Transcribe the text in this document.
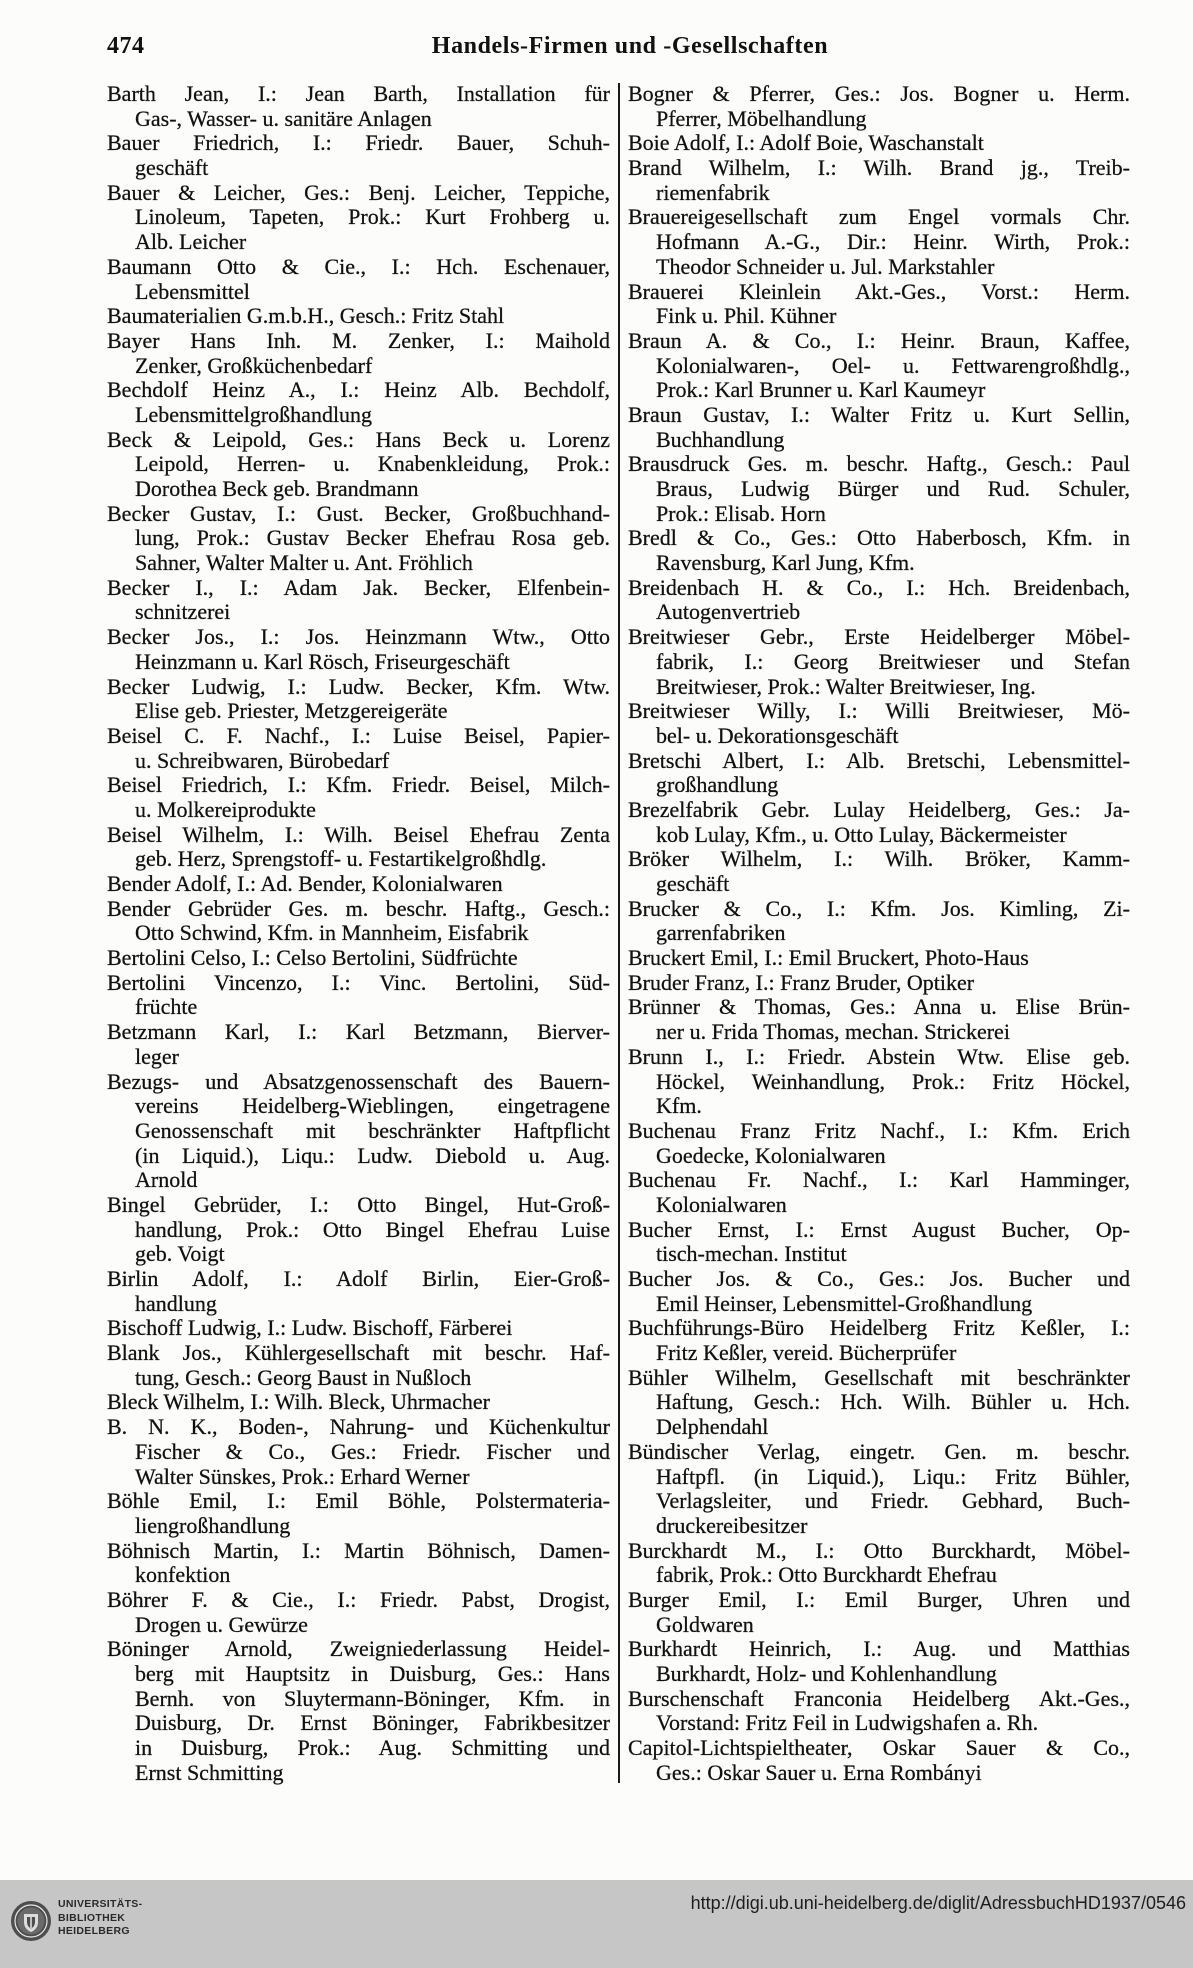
474	Handels-Firmen und -Gesellschaften
Barth Jean, I.: Jean Barth, Installation für
Gas-, Wasser- u. sanitäre Anlagen
Bauer Friedrich, I.: Friedr. Bauer, Schuh-
geschäft
Bauer & Leicher, Ges.: Benj. Leicher, Teppiche,
Linoleum, Tapeten, Prok.: Kurt Frohberg u.
Alb. Leicher
Baumann Otto & Cie., I.: Hch. Eschenauer,
Lebensmittel
Baumaterialien G.m.b.H., Gesch.: Fritz Stahl
Bayer Hans Inh. M. Zenker, I.: Maihold
Zenker, Großküchenbedarf
Bechdolf Heinz A., I.: Heinz Alb. Bechdolf,
Lebensmittelgroßhandlung
Beck & Leipold, Ges.: Hans Beck u. Lorenz
Leipold, Herren- u. Knabenkleidung, Prok.:
Dorothea Beck geb. Brandmann
Becker Gustav, I.: Gust. Becker, Großbuchhand-
lung, Prok.: Gustav Becker Ehefrau Rosa geb.
Sahner, Walter Malter u. Ant. Fröhlich
Becker I., I.: Adam Jak. Becker, Elfenbein-
schnitzerei
Becker Jos., I.: Jos. Heinzmann Wtw., Otto
Heinzmann u. Karl Rösch, Friseurgeschäft
Becker Ludwig, I.: Ludw. Becker, Kfm. Wtw.
Elise geb. Priester, Metzgereigeräte
Beisel C. F. Nachf., I.: Luise Beisel, Papier-
u. Schreibwaren, Bürobedarf
Beisel Friedrich, I.: Kfm. Friedr. Beisel, Milch-
u. Molkereiprodukte
Beisel Wilhelm, I.: Wilh. Beisel Ehefrau Zenta
geb. Herz, Sprengstoff- u. Festartikelgroßhdlg.
Bender Adolf, I.: Ad. Bender, Kolonialwaren
Bender Gebrüder Ges. m. beschr. Haftg., Gesch.:
Otto Schwind, Kfm. in Mannheim, Eisfabrik
Bertolini Celso, I.: Celso Bertolini, Südfrüchte
Bertolini Vincenzo, I.: Vinc. Bertolini, Süd-
früchte
Betzmann Karl, I.: Karl Betzmann, Bierver-
leger
Bezugs- und Absatzgenossenschaft des Bauern-
vereins Heidelberg-Wieblingen, eingetragene
Genossenschaft mit beschränkter Haftpflicht
(in Liquid.), Liqu.: Ludw. Diebold u. Aug.
Arnold
Bingel Gebrüder, I.: Otto Bingel, Hut-Groß-
handlung, Prok.: Otto Bingel Ehefrau Luise
geb. Voigt
Birlin Adolf, I.: Adolf Birlin, Eier-Groß-
handlung
Bischoff Ludwig, I.: Ludw. Bischoff, Färberei
Blank Jos., Kühlergesellschaft mit beschr. Haf-
tung, Gesch.: Georg Baust in Nußloch
Bleck Wilhelm, I.: Wilh. Bleck, Uhrmacher
B. N. K., Boden-, Nahrung- und Küchenkultur
Fischer & Co., Ges.: Friedr. Fischer und
Walter Sünskes, Prok.: Erhard Werner
Böhle Emil, I.: Emil Böhle, Polstermateria-
liengroßhandlung
Böhnisch Martin, I.: Martin Böhnisch, Damen-
konfektion
Böhrer F. & Cie., I.: Friedr. Pabst, Drogist,
Drogen u. Gewürze
Böninger Arnold, Zweigniederlassung Heidel-
berg mit Hauptsitz in Duisburg, Ges.: Hans
Bernh. von Sluytermann-Böninger, Kfm. in
Duisburg, Dr. Ernst Böninger, Fabrikbesitzer
in Duisburg, Prok.: Aug. Schmitting und
Ernst Schmitting
Bogner & Pferrer, Ges.: Jos. Bogner u. Herm.
Pferrer, Möbelhandlung
Boie Adolf, I.: Adolf Boie, Waschanstalt
Brand Wilhelm, I.: Wilh. Brand jg., Treib-
riemenfabrik
Brauereigesellschaft zum Engel vormals Chr.
Hofmann A.-G., Dir.: Heinr. Wirth, Prok.:
Theodor Schneider u. Jul. Markstahler
Brauerei Kleinlein Akt.-Ges., Vorst.: Herm.
Fink u. Phil. Kühner
Braun A. & Co., I.: Heinr. Braun, Kaffee,
Kolonialwaren-, Oel- u. Fettwarengroßhdlg.,
Prok.: Karl Brunner u. Karl Kaumeyr
Braun Gustav, I.: Walter Fritz u. Kurt Sellin,
Buchhandlung
Brausdruck Ges. m. beschr. Haftg., Gesch.: Paul
Braus, Ludwig Bürger und Rud. Schuler,
Prok.: Elisab. Horn
Bredl & Co., Ges.: Otto Haberbosch, Kfm. in
Ravensburg, Karl Jung, Kfm.
Breidenbach H. & Co., I.: Hch. Breidenbach,
Autogenvertrieb
Breitwieser Gebr., Erste Heidelberger Möbel-
fabrik, I.: Georg Breitwieser und Stefan
Breitwieser, Prok.: Walter Breitwieser, Ing.
Breitwieser Willy, I.: Willi Breitwieser, Mö-
bel- u. Dekorationsgeschäft
Bretschi Albert, I.: Alb. Bretschi, Lebensmittel-
großhandlung
Brezelfabrik Gebr. Lulay Heidelberg, Ges.: Ja-
kob Lulay, Kfm., u. Otto Lulay, Bäckermeister
Bröker Wilhelm, I.: Wilh. Bröker, Kamm-
geschäft
Brucker & Co., I.: Kfm. Jos. Kimling, Zi-
garrenfabriken
Bruckert Emil, I.: Emil Bruckert, Photo-Haus
Bruder Franz, I.: Franz Bruder, Optiker
Brünner & Thomas, Ges.: Anna u. Elise Brün-
ner u. Frida Thomas, mechan. Strickerei
Brunn I., I.: Friedr. Abstein Wtw. Elise geb.
Höckel, Weinhandlung, Prok.: Fritz Höckel,
Kfm.
Buchenau Franz Fritz Nachf., I.: Kfm. Erich
Goedecke, Kolonialwaren
Buchenau Fr. Nachf., I.: Karl Hamminger,
Kolonialwaren
Bucher Ernst, I.: Ernst August Bucher, Op-
tisch-mechan. Institut
Bucher Jos. & Co., Ges.: Jos. Bucher und
Emil Heinser, Lebensmittel-Großhandlung
Buchführungs-Büro Heidelberg Fritz Keßler, I.:
Fritz Keßler, vereid. Bücherprüfer
Bühler Wilhelm, Gesellschaft mit beschränkter
Haftung, Gesch.: Hch. Wilh. Bühler u. Hch.
Delphendahl
Bündischer Verlag, eingetr. Gen. m. beschr.
Haftpfl. (in Liquid.), Liqu.: Fritz Bühler,
Verlagsleiter, und Friedr. Gebhard, Buch-
druckereibesitzer
Burckhardt M., I.: Otto Burckhardt, Möbel-
fabrik, Prok.: Otto Burckhardt Ehefrau
Burger Emil, I.: Emil Burger, Uhren und
Goldwaren
Burkhardt Heinrich, I.: Aug. und Matthias
Burkhardt, Holz- und Kohlenhandlung
Burschenschaft Franconia Heidelberg Akt.-Ges.,
Vorstand: Fritz Feil in Ludwigshafen a. Rh.
Capitol-Lichtspieltheater, Oskar Sauer & Co.,
Ges.: Oskar Sauer u. Erna Rombányi
UNIVERSITÄTS-
BIBLIOTHEK
HEIDELBERG
http://digi.ub.uni-heidelberg.de/diglit/AdressbuchHD1937/0546
